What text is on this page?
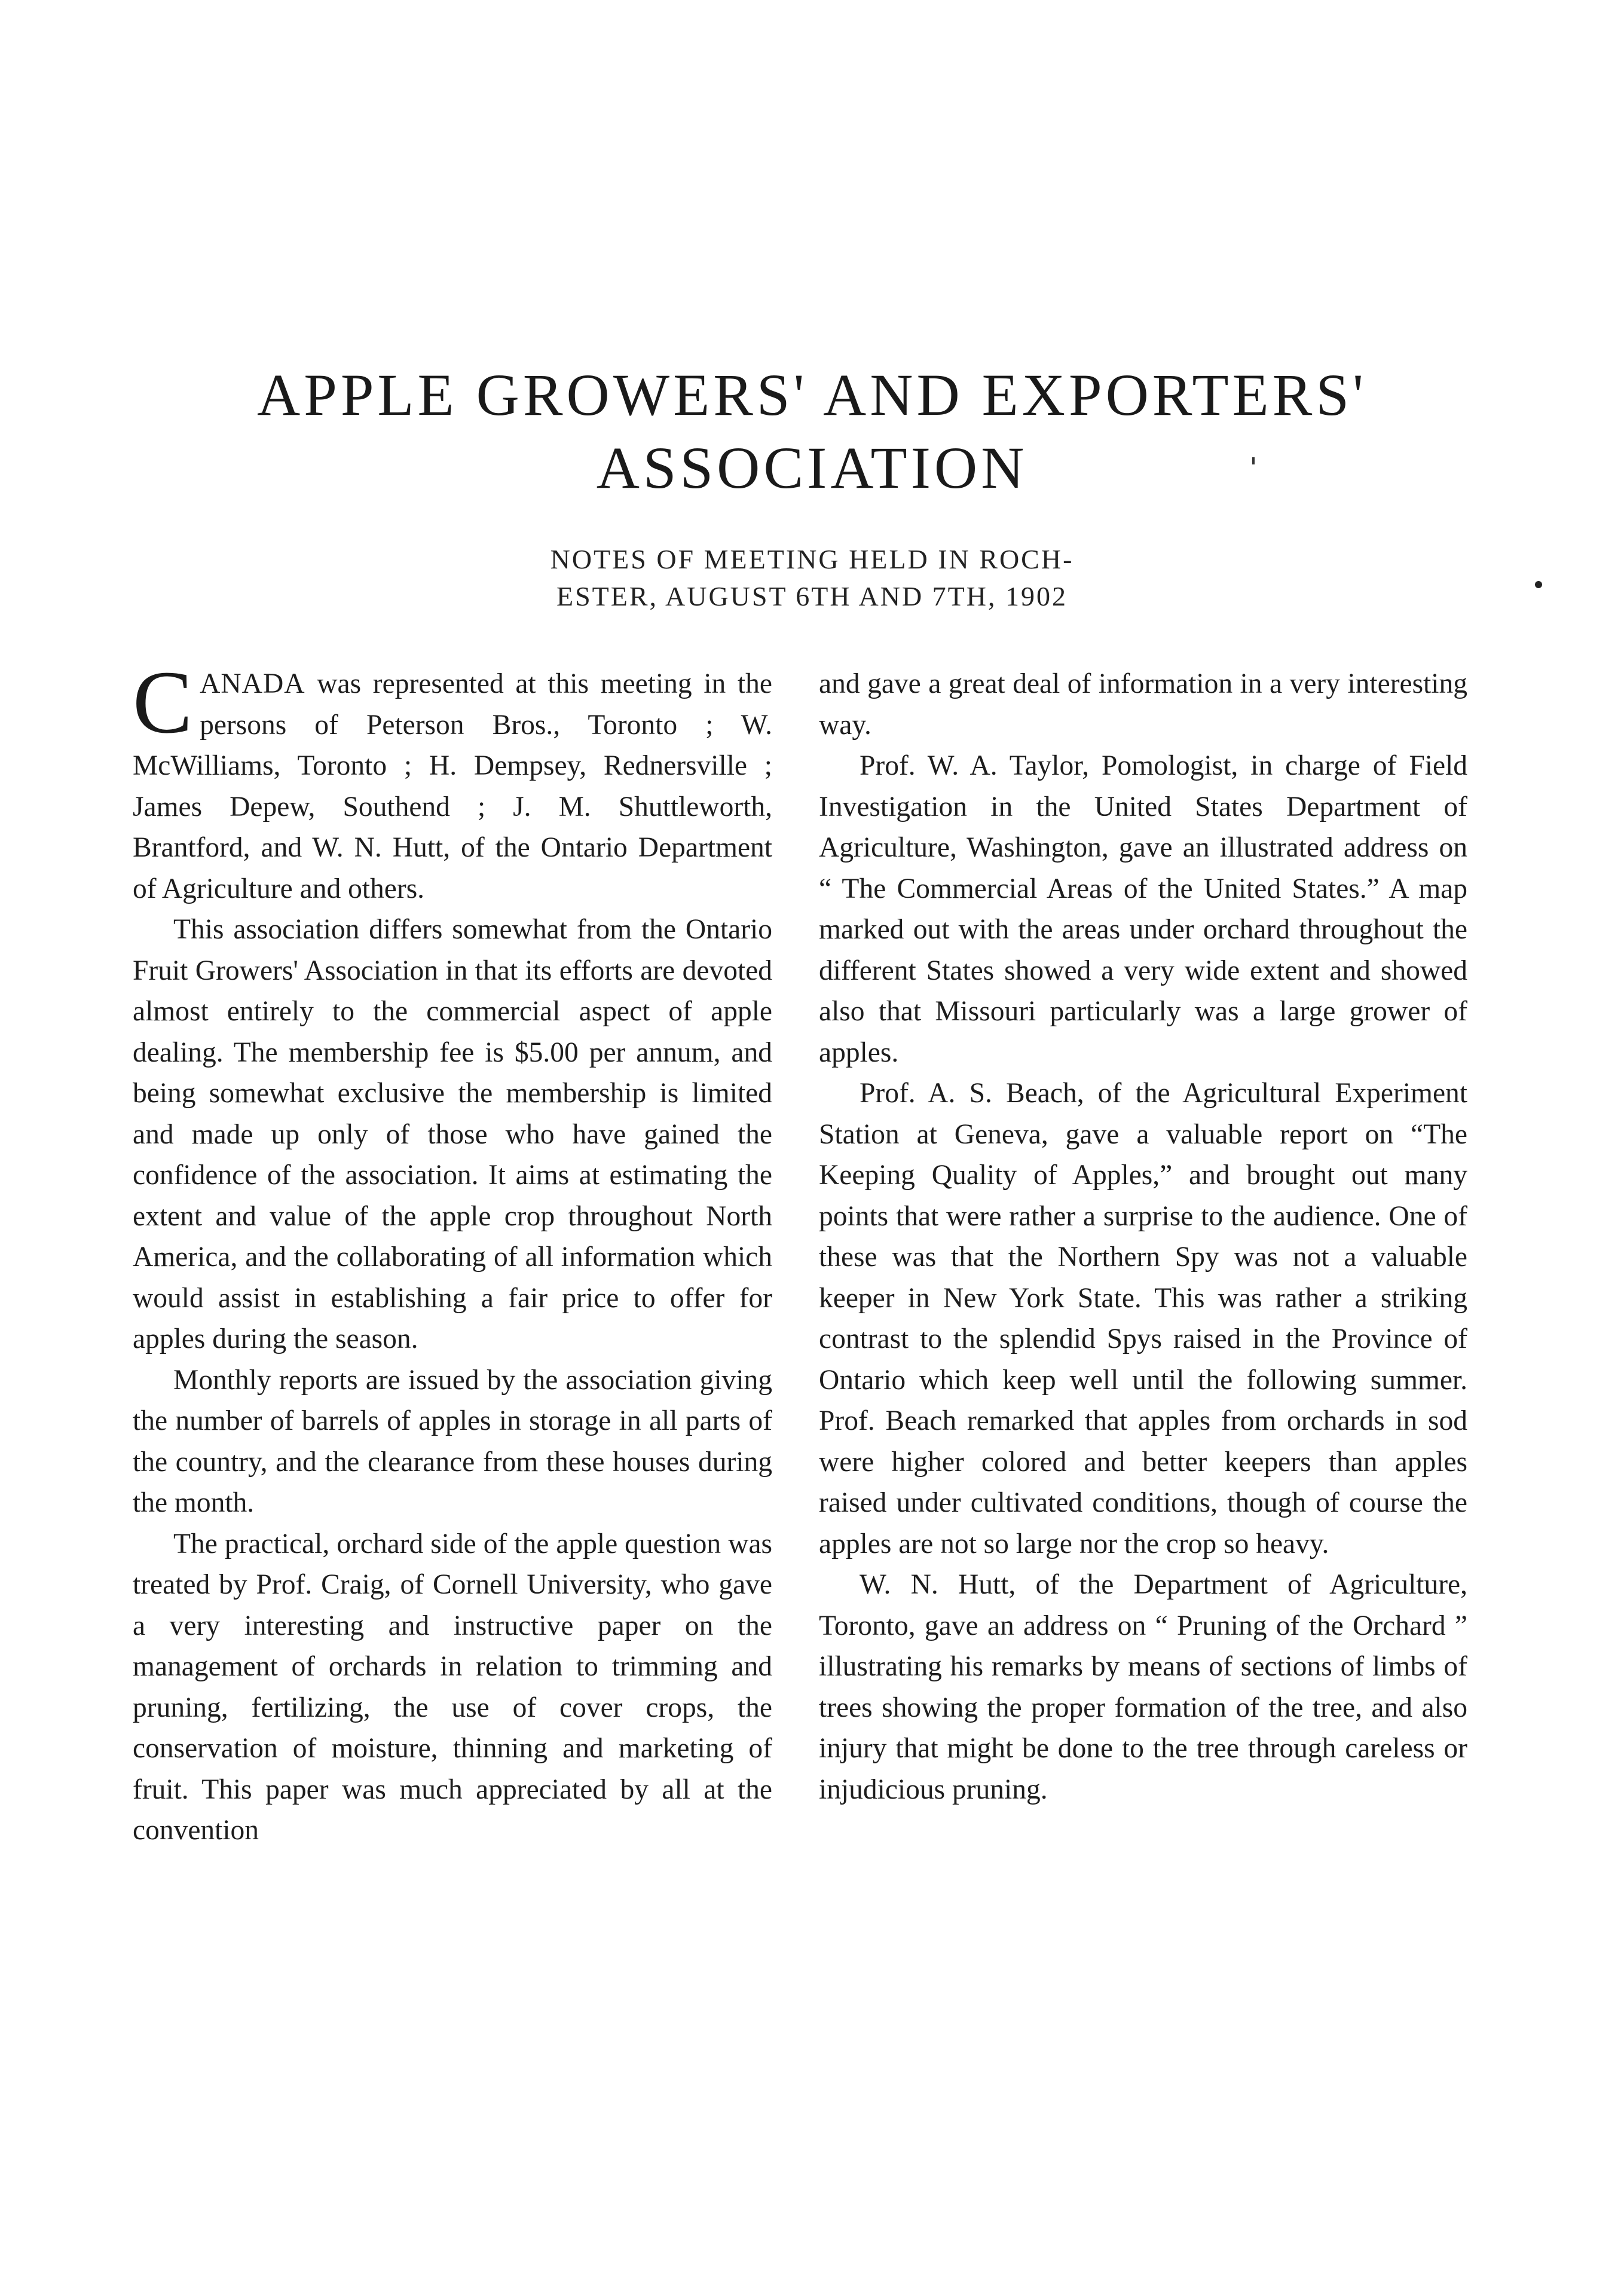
APPLE GROWERS' AND EXPORTERS'
ASSOCIATION
NOTES OF MEETING HELD IN ROCH-
ESTER, AUGUST 6TH AND 7TH, 1902

CANADA was represented at this meeting in the persons of Peterson Bros., Toronto ; W. McWilliams, Toronto ; H. Dempsey, Rednersville ; James Depew, Southend ; J. M. Shuttleworth, Brantford, and W. N. Hutt, of the Ontario Department of Agriculture and others.

This association differs somewhat from the Ontario Fruit Growers' Association in that its efforts are devoted almost entirely to the commercial aspect of apple dealing. The membership fee is $5.00 per annum, and being somewhat exclusive the membership is limited and made up only of those who have gained the confidence of the association. It aims at estimating the extent and value of the apple crop throughout North America, and the collaborating of all information which would assist in establishing a fair price to offer for apples during the season.

Monthly reports are issued by the association giving the number of barrels of apples in storage in all parts of the country, and the clearance from these houses during the month.

The practical, orchard side of the apple question was treated by Prof. Craig, of Cornell University, who gave a very interesting and instructive paper on the management of orchards in relation to trimming and pruning, fertilizing, the use of cover crops, the conservation of moisture, thinning and marketing of fruit. This paper was much appreciated by all at the convention

and gave a great deal of information in a very interesting way.

Prof. W. A. Taylor, Pomologist, in charge of Field Investigation in the United States Department of Agriculture, Washington, gave an illustrated address on “ The Commercial Areas of the United States.” A map marked out with the areas under orchard throughout the different States showed a very wide extent and showed also that Missouri particularly was a large grower of apples.

Prof. A. S. Beach, of the Agricultural Experiment Station at Geneva, gave a valuable report on “The Keeping Quality of Apples,” and brought out many points that were rather a surprise to the audience. One of these was that the Northern Spy was not a valuable keeper in New York State. This was rather a striking contrast to the splendid Spys raised in the Province of Ontario which keep well until the following summer. Prof. Beach remarked that apples from orchards in sod were higher colored and better keepers than apples raised under cultivated conditions, though of course the apples are not so large nor the crop so heavy.

W. N. Hutt, of the Department of Agriculture, Toronto, gave an address on “ Pruning of the Orchard ” illustrating his remarks by means of sections of limbs of trees showing the proper formation of the tree, and also injury that might be done to the tree through careless or injudicious pruning.
